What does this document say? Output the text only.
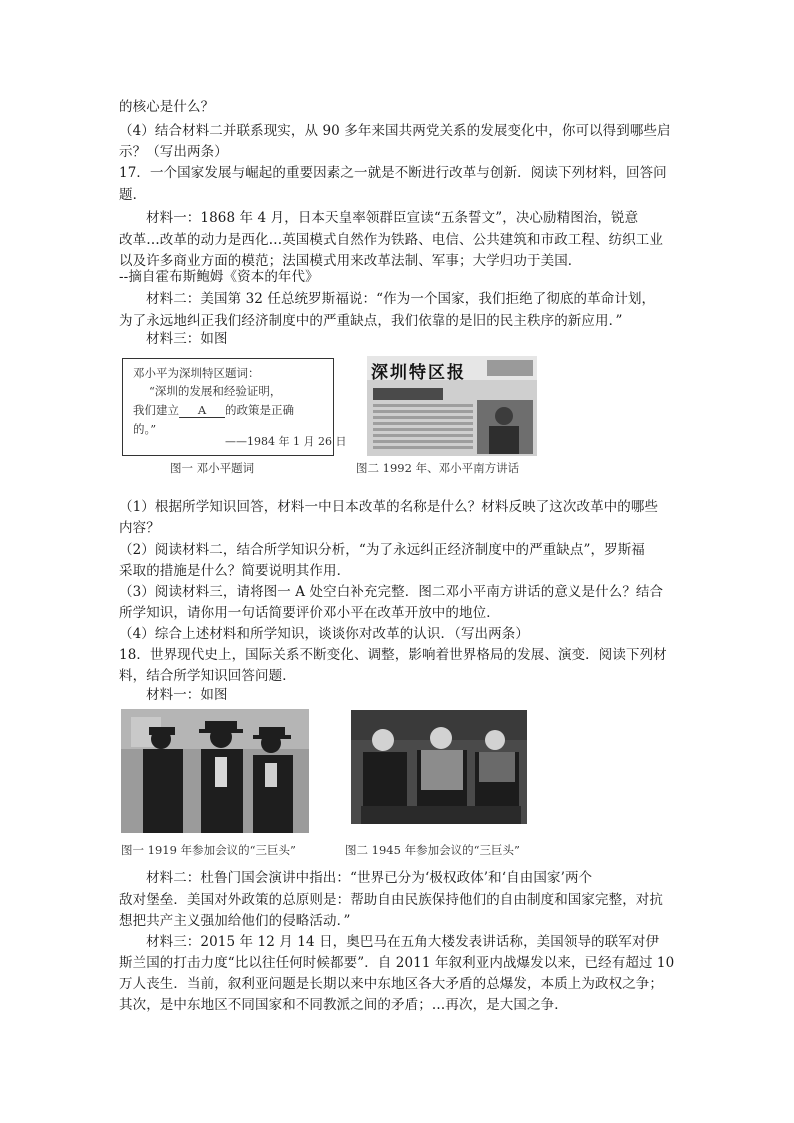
的核心是什么？
（4）结合材料二并联系现实，从 90 多年来国共两党关系的发展变化中，你可以得到哪些启
示？（写出两条）
17．一个国家发展与崛起的重要因素之一就是不断进行改革与创新．阅读下列材料，回答问
题．
材料一：1868 年 4 月，日本天皇率领群臣宣读“五条誓文”，决心励精图治，锐意
改革…改革的动力是西化…英国模式自然作为铁路、电信、公共建筑和市政工程、纺织工业
以及许多商业方面的模范；法国模式用来改革法制、军事；大学归功于美国．
--摘自霍布斯鲍姆《资本的年代》
材料二：美国第 32 任总统罗斯福说：“作为一个国家，我们拒绝了彻底的革命计划，
为了永远地纠正我们经济制度中的严重缺点，我们依靠的是旧的民主秩序的新应用．”
材料三：如图
邓小平为深圳特区题词：
“深圳的发展和经验证明，
我们建立 A 的政策是正确
的。”
——1984 年 1 月 26 日
图一 邓小平题词
深圳特区报
图二 1992 年、邓小平南方讲话
（1）根据所学知识回答，材料一中日本改革的名称是什么？材料反映了这次改革中的哪些
内容？
（2）阅读材料二，结合所学知识分析，“为了永远纠正经济制度中的严重缺点”，罗斯福
采取的措施是什么？简要说明其作用．
（3）阅读材料三，请将图一 A 处空白补充完整．图二邓小平南方讲话的意义是什么？结合
所学知识，请你用一句话简要评价邓小平在改革开放中的地位．
（4）综合上述材料和所学知识，谈谈你对改革的认识．（写出两条）
18．世界现代史上，国际关系不断变化、调整，影响着世界格局的发展、演变．阅读下列材
料，结合所学知识回答问题．
材料一：如图
图一 1919 年参加会议的“三巨头”	图二 1945 年参加会议的“三巨头”
材料二：杜鲁门国会演讲中指出：“世界已分为‘极权政体’和‘自由国家’两个
敌对堡垒．美国对外政策的总原则是：帮助自由民族保持他们的自由制度和国家完整，对抗
想把共产主义强加给他们的侵略活动．”
材料三：2015 年 12 月 14 日，奥巴马在五角大楼发表讲话称，美国领导的联军对伊
斯兰国的打击力度“比以往任何时候都要”．自 2011 年叙利亚内战爆发以来，已经有超过 10
万人丧生．当前，叙利亚问题是长期以来中东地区各大矛盾的总爆发，本质上为政权之争；
其次，是中东地区不同国家和不同教派之间的矛盾；…再次，是大国之争．
